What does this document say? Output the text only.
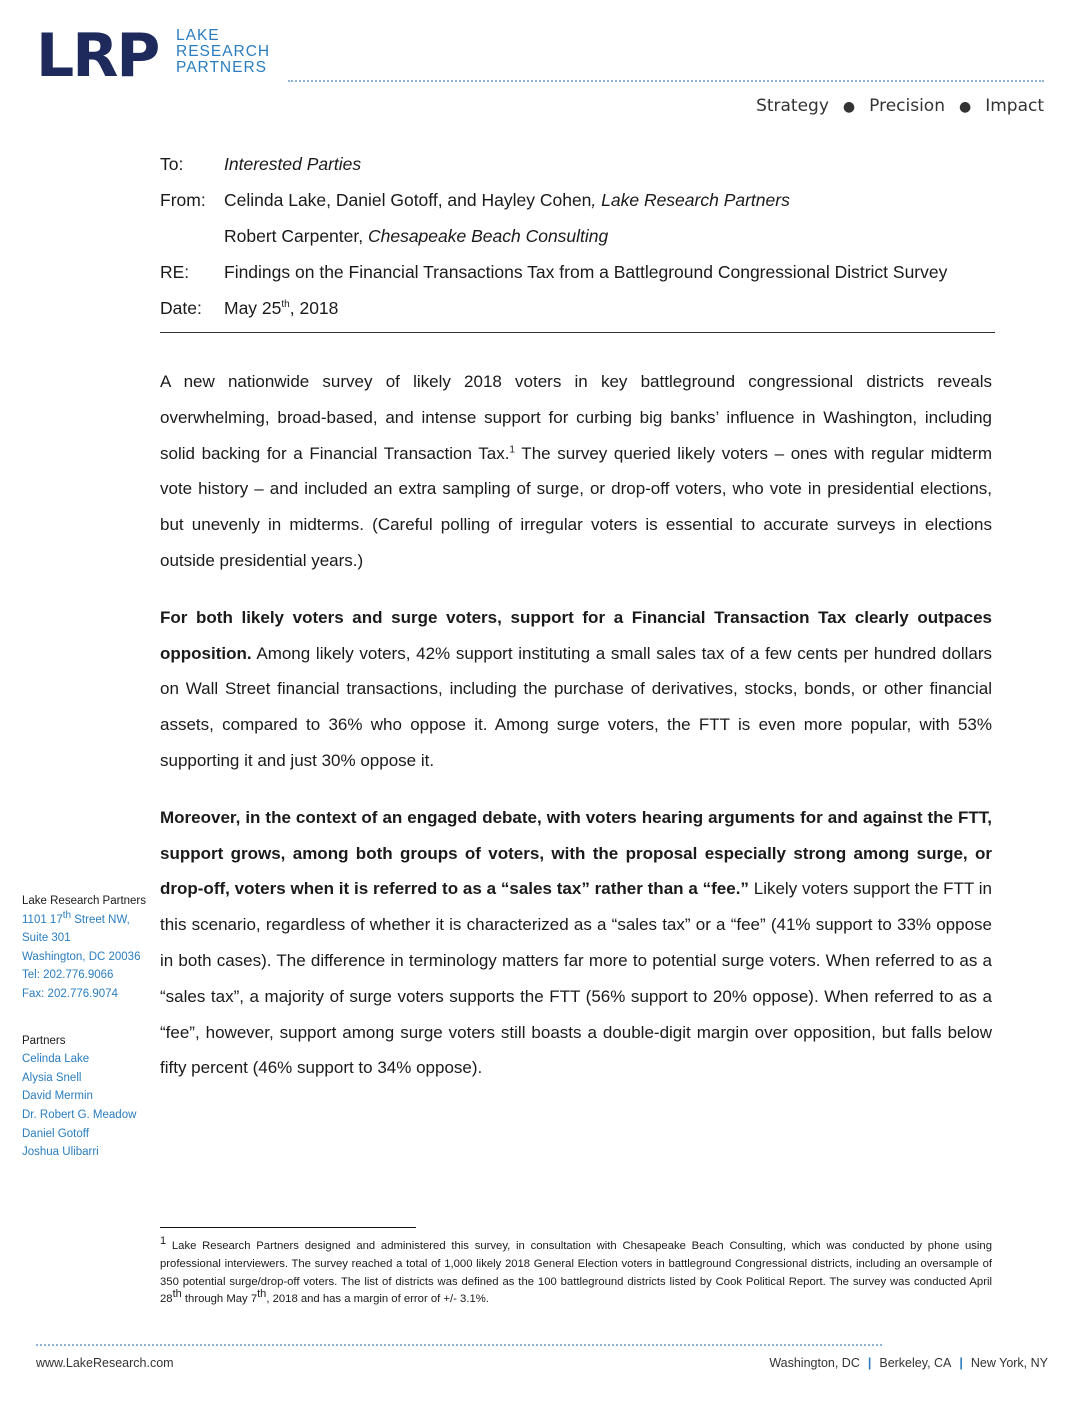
LRP LAKE
RESEARCH
PARTNERS
Strategy ● Precision ● Impact
To:	Interested Parties
From:	Celinda Lake, Daniel Gotoff, and Hayley Cohen, Lake Research Partners
Robert Carpenter, Chesapeake Beach Consulting
RE:	Findings on the Financial Transactions Tax from a Battleground Congressional District Survey
Date:	May 25th, 2018

A new nationwide survey of likely 2018 voters in key battleground congressional districts reveals overwhelming, broad-based, and intense support for curbing big banks’ influence in Washington, including solid backing for a Financial Transaction Tax.$^1$ The survey queried likely voters – ones with regular midterm vote history – and included an extra sampling of surge, or drop-off voters, who vote in presidential elections, but unevenly in midterms. (Careful polling of irregular voters is essential to accurate surveys in elections outside presidential years.)

For both likely voters and surge voters, support for a Financial Transaction Tax clearly outpaces opposition. Among likely voters, 42% support instituting a small sales tax of a few cents per hundred dollars on Wall Street financial transactions, including the purchase of derivatives, stocks, bonds, or other financial assets, compared to 36% who oppose it. Among surge voters, the FTT is even more popular, with 53% supporting it and just 30% oppose it.

Moreover, in the context of an engaged debate, with voters hearing arguments for and against the FTT, support grows, among both groups of voters, with the proposal especially strong among surge, or drop-off, voters when it is referred to as a “sales tax” rather than a “fee.” Likely voters support the FTT in this scenario, regardless of whether it is characterized as a “sales tax” or a “fee” (41% support to 33% oppose in both cases). The difference in terminology matters far more to potential surge voters. When referred to as a “sales tax”, a majority of surge voters supports the FTT (56% support to 20% oppose). When referred to as a “fee”, however, support among surge voters still boasts a double-digit margin over opposition, but falls below fifty percent (46% support to 34% oppose).

Lake Research Partners
1101 17th Street NW,
Suite 301
Washington, DC 20036
Tel: 202.776.9066
Fax: 202.776.9074
Partners
Celinda Lake
Alysia Snell
David Mermin
Dr. Robert G. Meadow
Daniel Gotoff
Joshua Ulibarri
$^1$ Lake Research Partners designed and administered this survey, in consultation with Chesapeake Beach Consulting, which was conducted by phone using professional interviewers. The survey reached a total of 1,000 likely 2018 General Election voters in battleground Congressional districts, including an oversample of 350 potential surge/drop-off voters. The list of districts was defined as the 100 battleground districts listed by Cook Political Report. The survey was conducted April 28th through May 7th, 2018 and has a margin of error of +/- 3.1%.
www.LakeResearch.com	Washington, DC | Berkeley, CA | New York, NY
